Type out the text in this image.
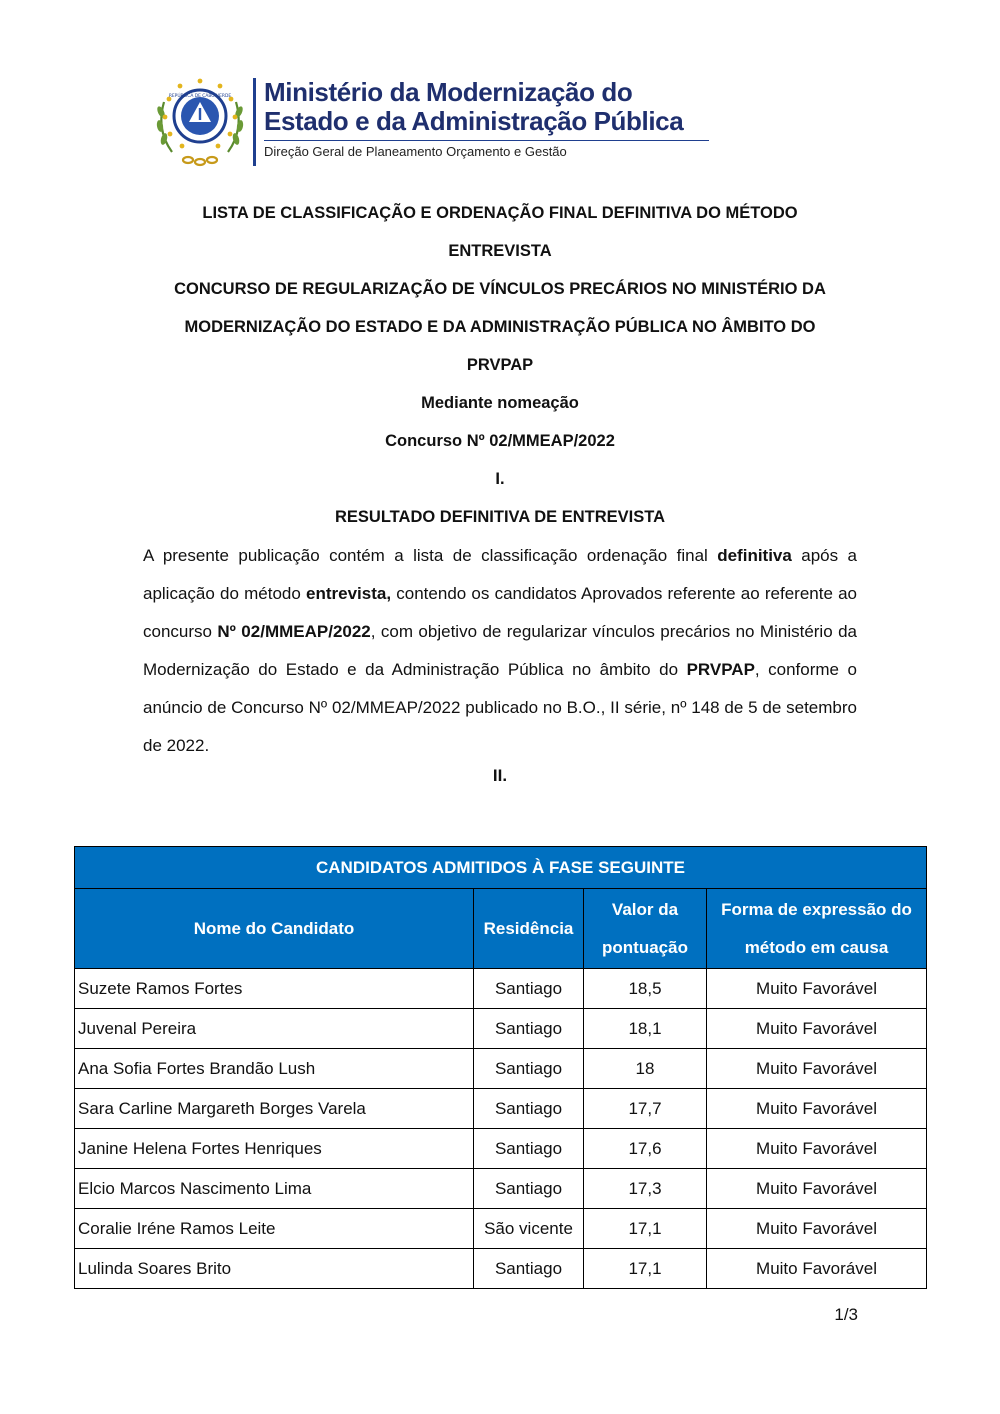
REPÚBLICA DE CABO VERDE Ministério da Modernização do
Estado e da Administração Pública
Direção Geral de Planeamento Orçamento e Gestão
LISTA DE CLASSIFICAÇÃO E ORDENAÇÃO FINAL DEFINITIVA DO MÉTODO
ENTREVISTA
CONCURSO DE REGULARIZAÇÃO DE VÍNCULOS PRECÁRIOS NO MINISTÉRIO DA
MODERNIZAÇÃO DO ESTADO E DA ADMINISTRAÇÃO PÚBLICA NO ÂMBITO DO
PRVPAP
Mediante nomeação
Concurso Nº 02/MMEAP/2022
I.
RESULTADO DEFINITIVA DE ENTREVISTA

A presente publicação contém a lista de classificação ordenação final definitiva após a aplicação do método entrevista, contendo os candidatos Aprovados referente ao referente ao concurso Nº 02/MMEAP/2022, com objetivo de regularizar vínculos precários no Ministério da Modernização do Estado e da Administração Pública no âmbito do PRVPAP, conforme o anúncio de Concurso Nº 02/MMEAP/2022 publicado no B.O., II série, nº 148 de 5 de setembro de 2022.

II.
CANDIDATOS ADMITIDOS À FASE SEGUINTE			
Nome do Candidato	Residência	Valor da pontuação	Forma de expressão do método em causa
Suzete Ramos Fortes	Santiago	18,5	Muito Favorável
Juvenal Pereira	Santiago	18,1	Muito Favorável
Ana Sofia Fortes Brandão Lush	Santiago	18	Muito Favorável
Sara Carline Margareth Borges Varela	Santiago	17,7	Muito Favorável
Janine Helena Fortes Henriques	Santiago	17,6	Muito Favorável
Elcio Marcos Nascimento Lima	Santiago	17,3	Muito Favorável
Coralie Iréne Ramos Leite	São vicente	17,1	Muito Favorável
Lulinda Soares Brito	Santiago	17,1	Muito Favorável
1/3
